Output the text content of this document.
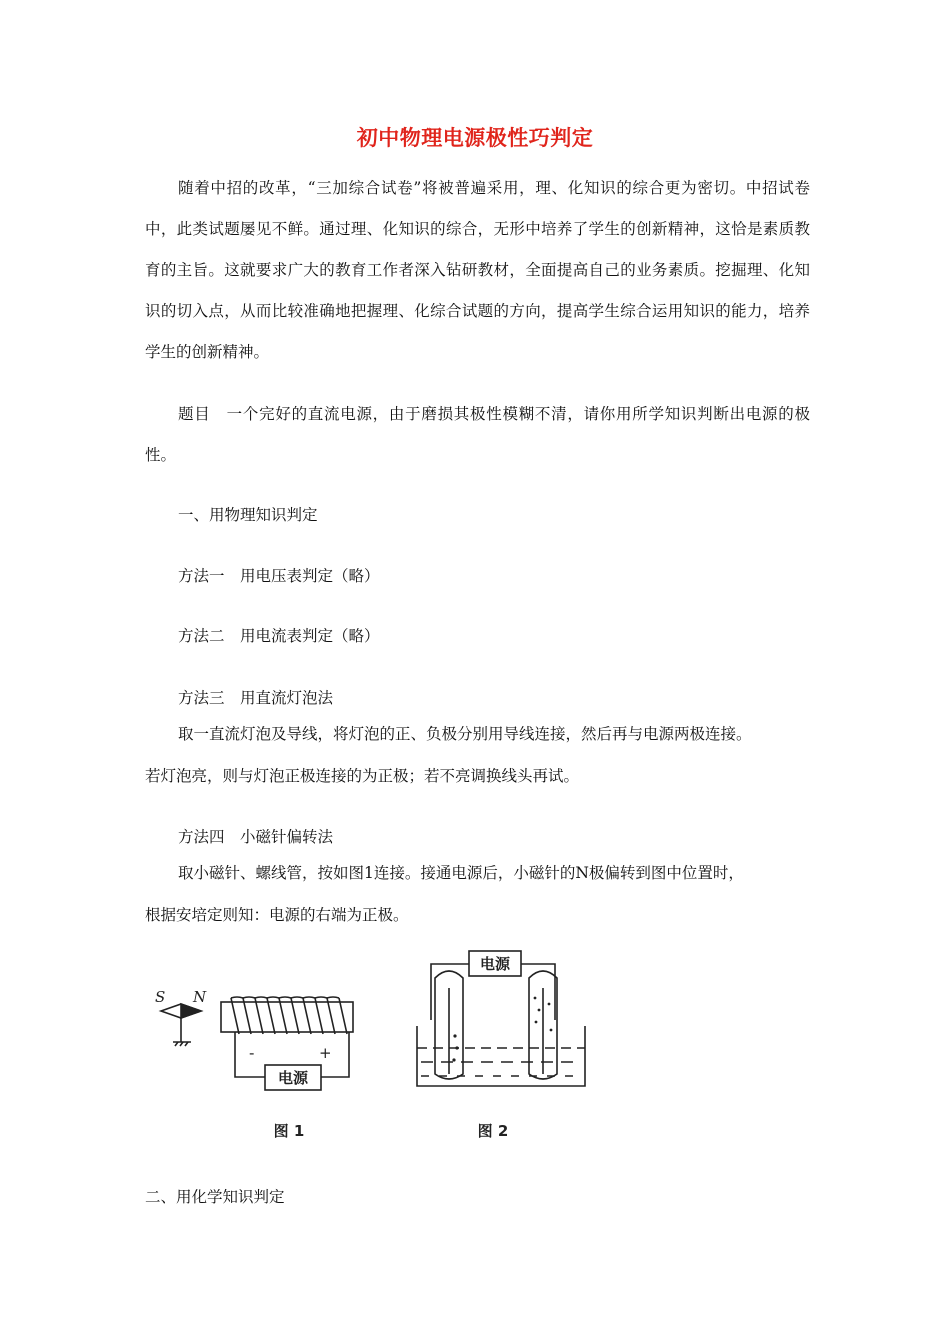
初中物理电源极性巧判定

随着中招的改革，“三加综合试卷”将被普遍采用，理、化知识的综合更为密切。中招试卷中，此类试题屡见不鲜。通过理、化知识的综合，无形中培养了学生的创新精神，这恰是素质教育的主旨。这就要求广大的教育工作者深入钻研教材，全面提高自己的业务素质。挖掘理、化知识的切入点，从而比较准确地把握理、化综合试题的方向，提高学生综合运用知识的能力，培养学生的创新精神。

题目　一个完好的直流电源，由于磨损其极性模糊不清，请你用所学知识判断出电源的极性。

一、用物理知识判定

方法一　用电压表判定（略）

方法二　用电流表判定（略）

方法三　用直流灯泡法

取一直流灯泡及导线，将灯泡的正、负极分别用导线连接，然后再与电源两极连接。

若灯泡亮，则与灯泡正极连接的为正极；若不亮调换线头再试。

方法四　小磁针偏转法

取小磁针、螺线管，按如图1连接。接通电源后，小磁针的N极偏转到图中位置时，

根据安培定则知：电源的右端为正极。

S N
-	+
电源
图 1
电源
图 2

二、用化学知识判定
